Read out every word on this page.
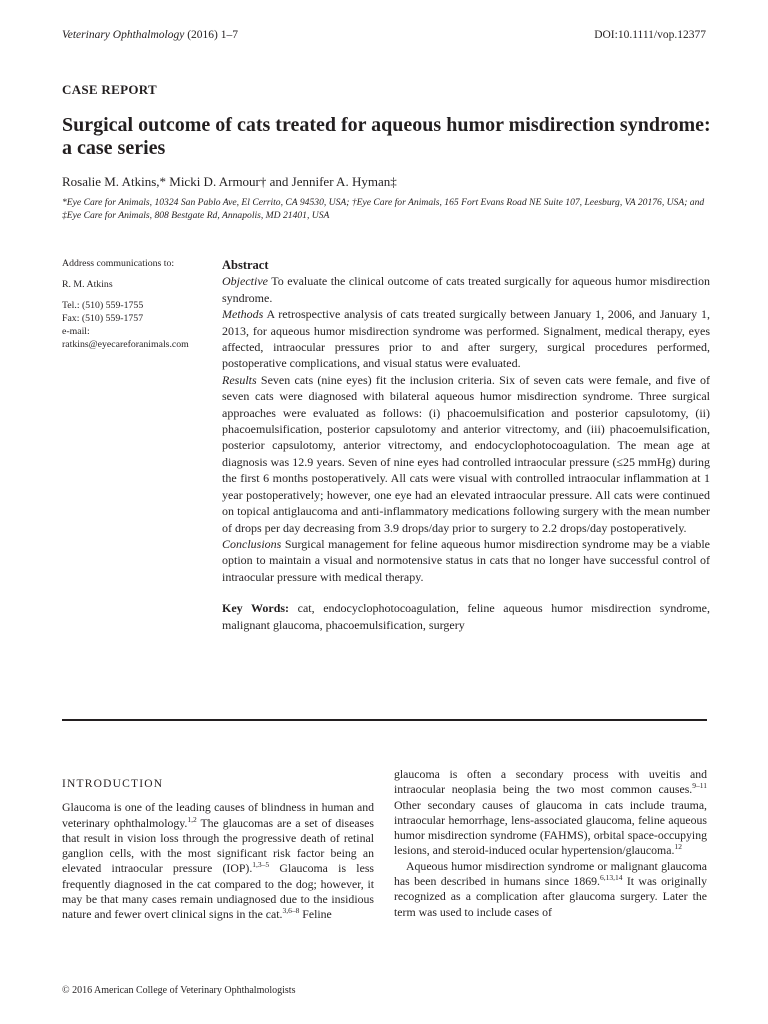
Veterinary Ophthalmology (2016) 1–7	DOI:10.1111/vop.12377
CASE REPORT
Surgical outcome of cats treated for aqueous humor misdirection syndrome: a case series
Rosalie M. Atkins,* Micki D. Armour† and Jennifer A. Hyman‡
*Eye Care for Animals, 10324 San Pablo Ave, El Cerrito, CA 94530, USA; †Eye Care for Animals, 165 Fort Evans Road NE Suite 107, Leesburg, VA 20176, USA; and ‡Eye Care for Animals, 808 Bestgate Rd, Annapolis, MD 21401, USA
Address communications to:
R. M. Atkins
Tel.: (510) 559-1755
Fax: (510) 559-1757
e-mail:
ratkins@eyecareforanimals.com
Abstract

Objective To evaluate the clinical outcome of cats treated surgically for aqueous humor misdirection syndrome.

Methods A retrospective analysis of cats treated surgically between January 1, 2006, and January 1, 2013, for aqueous humor misdirection syndrome was performed. Signalment, medical therapy, eyes affected, intraocular pressures prior to and after surgery, surgical procedures performed, postoperative complications, and visual status were evaluated.

Results Seven cats (nine eyes) fit the inclusion criteria. Six of seven cats were female, and five of seven cats were diagnosed with bilateral aqueous humor misdirection syndrome. Three surgical approaches were evaluated as follows: (i) phacoemulsification and posterior capsulotomy, (ii) phacoemulsification, posterior capsulotomy and anterior vitrectomy, and (iii) phacoemulsification, posterior capsulotomy, anterior vitrectomy, and endocyclophotocoagulation. The mean age at diagnosis was 12.9 years. Seven of nine eyes had controlled intraocular pressure (≤25 mmHg) during the first 6 months postoperatively. All cats were visual with controlled intraocular inflammation at 1 year postoperatively; however, one eye had an elevated intraocular pressure. All cats were continued on topical antiglaucoma and anti-inflammatory medications following surgery with the mean number of drops per day decreasing from 3.9 drops/day prior to surgery to 2.2 drops/day postoperatively.

Conclusions Surgical management for feline aqueous humor misdirection syndrome may be a viable option to maintain a visual and normotensive status in cats that no longer have successful control of intraocular pressure with medical therapy.

Key Words: cat, endocyclophotocoagulation, feline aqueous humor misdirection syndrome, malignant glaucoma, phacoemulsification, surgery

INTRODUCTION

Glaucoma is one of the leading causes of blindness in human and veterinary ophthalmology.$^{1,2}$ The glaucomas are a set of diseases that result in vision loss through the progressive death of retinal ganglion cells, with the most significant risk factor being an elevated intraocular pressure (IOP).$^{1,3-5}$ Glaucoma is less frequently diagnosed in the cat compared to the dog; however, it may be that many cases remain undiagnosed due to the insidious nature and fewer overt clinical signs in the cat.$^{3,6-8}$ Feline

glaucoma is often a secondary process with uveitis and intraocular neoplasia being the two most common causes.$^{9-11}$ Other secondary causes of glaucoma in cats include trauma, intraocular hemorrhage, lens-associated glaucoma, feline aqueous humor misdirection syndrome (FAHMS), orbital space-occupying lesions, and steroid-induced ocular hypertension/glaucoma.$^{12}$

Aqueous humor misdirection syndrome or malignant glaucoma has been described in humans since 1869.$^{6,13,14}$ It was originally recognized as a complication after glaucoma surgery. Later the term was used to include cases of

© 2016 American College of Veterinary Ophthalmologists
